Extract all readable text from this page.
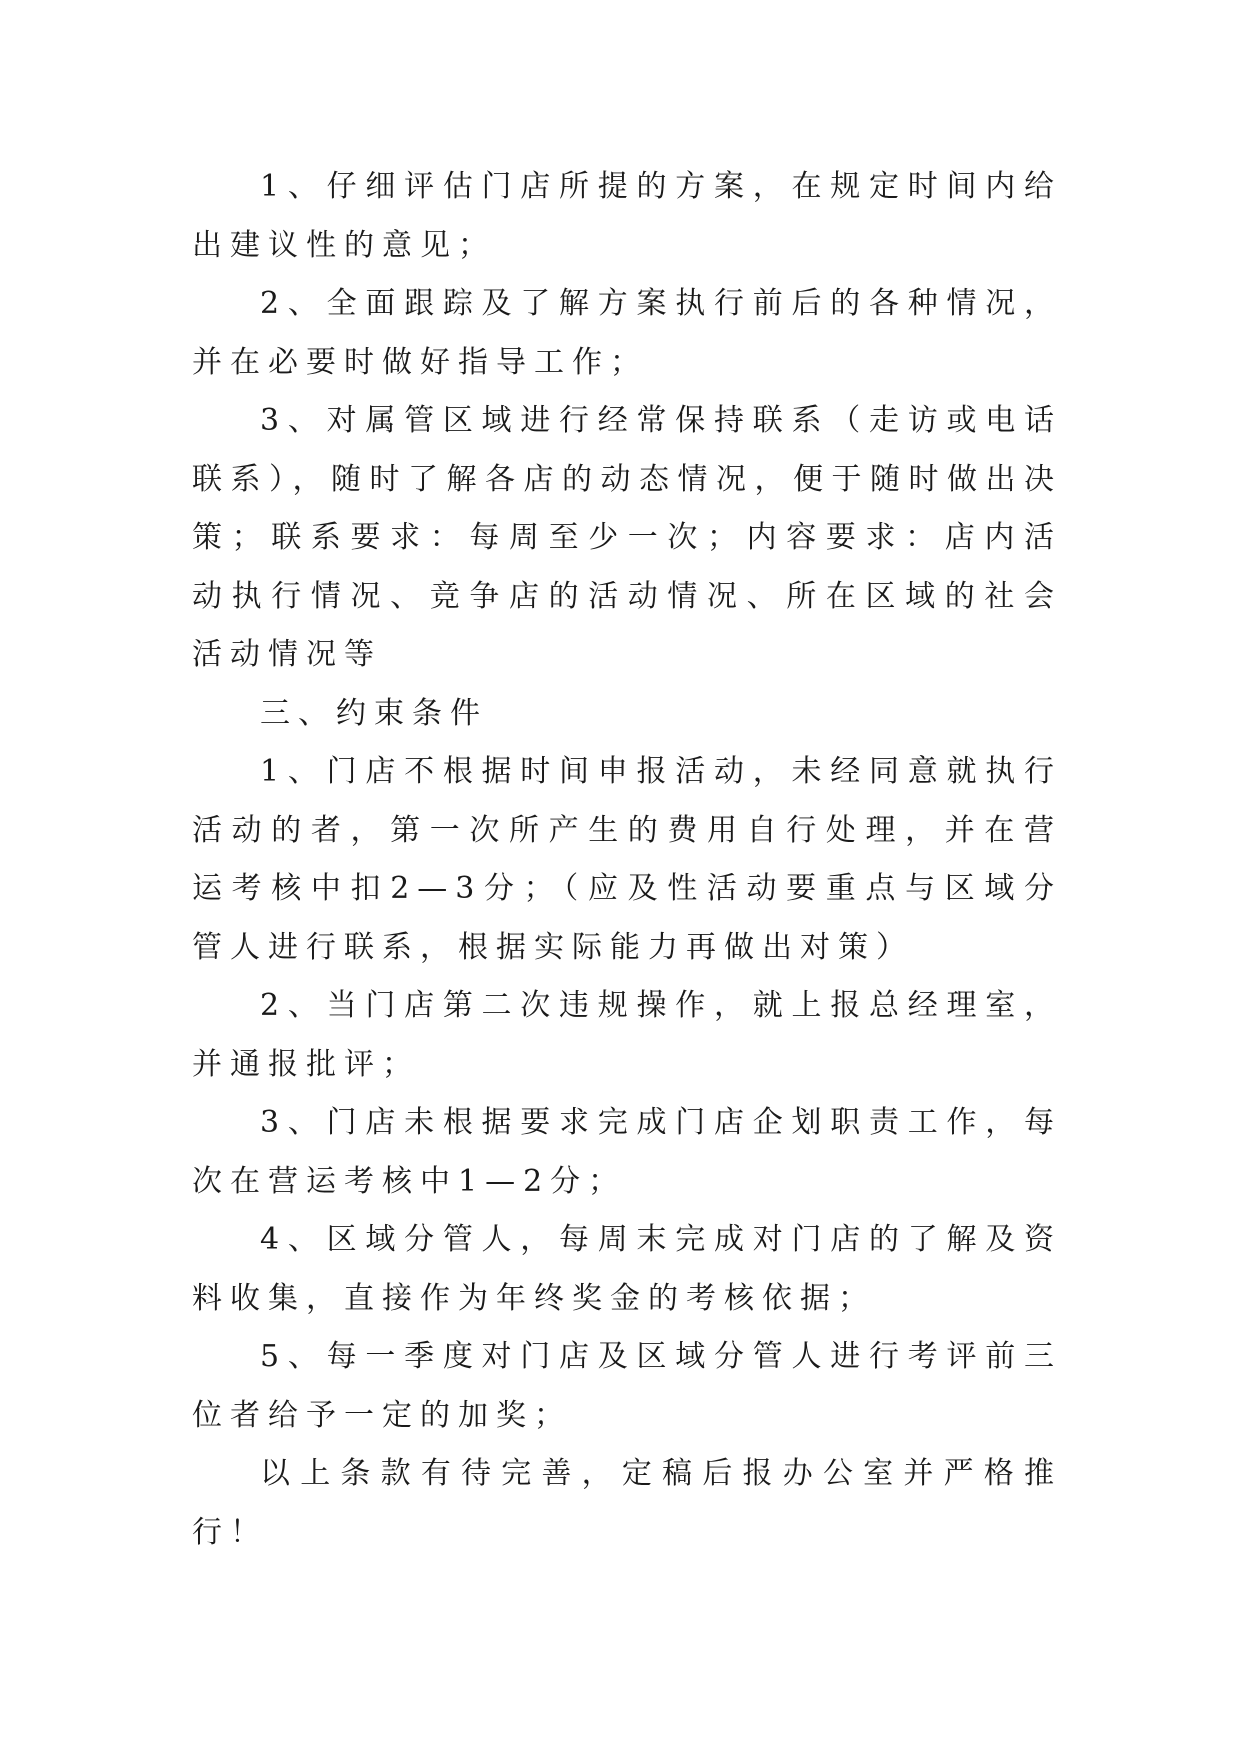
1、仔细评估门店所提的方案，在规定时间内给出建议性的意见；

2、全面跟踪及了解方案执行前后的各种情况，并在必要时做好指导工作；

3、对属管区域进行经常保持联系（走访或电话联系），随时了解各店的动态情况，便于随时做出决策；联系要求：每周至少一次；内容要求：店内活动执行情况、竞争店的活动情况、所在区域的社会活动情况等

三、约束条件

1、门店不根据时间申报活动，未经同意就执行活动的者，第一次所产生的费用自行处理，并在营运考核中扣2—3分；（应及性活动要重点与区域分管人进行联系，根据实际能力再做出对策）

2、当门店第二次违规操作，就上报总经理室，并通报批评；

3、门店未根据要求完成门店企划职责工作，每次在营运考核中1—2分；

4、区域分管人，每周末完成对门店的了解及资料收集，直接作为年终奖金的考核依据；

5、每一季度对门店及区域分管人进行考评前三位者给予一定的加奖；

以上条款有待完善，定稿后报办公室并严格推行！
